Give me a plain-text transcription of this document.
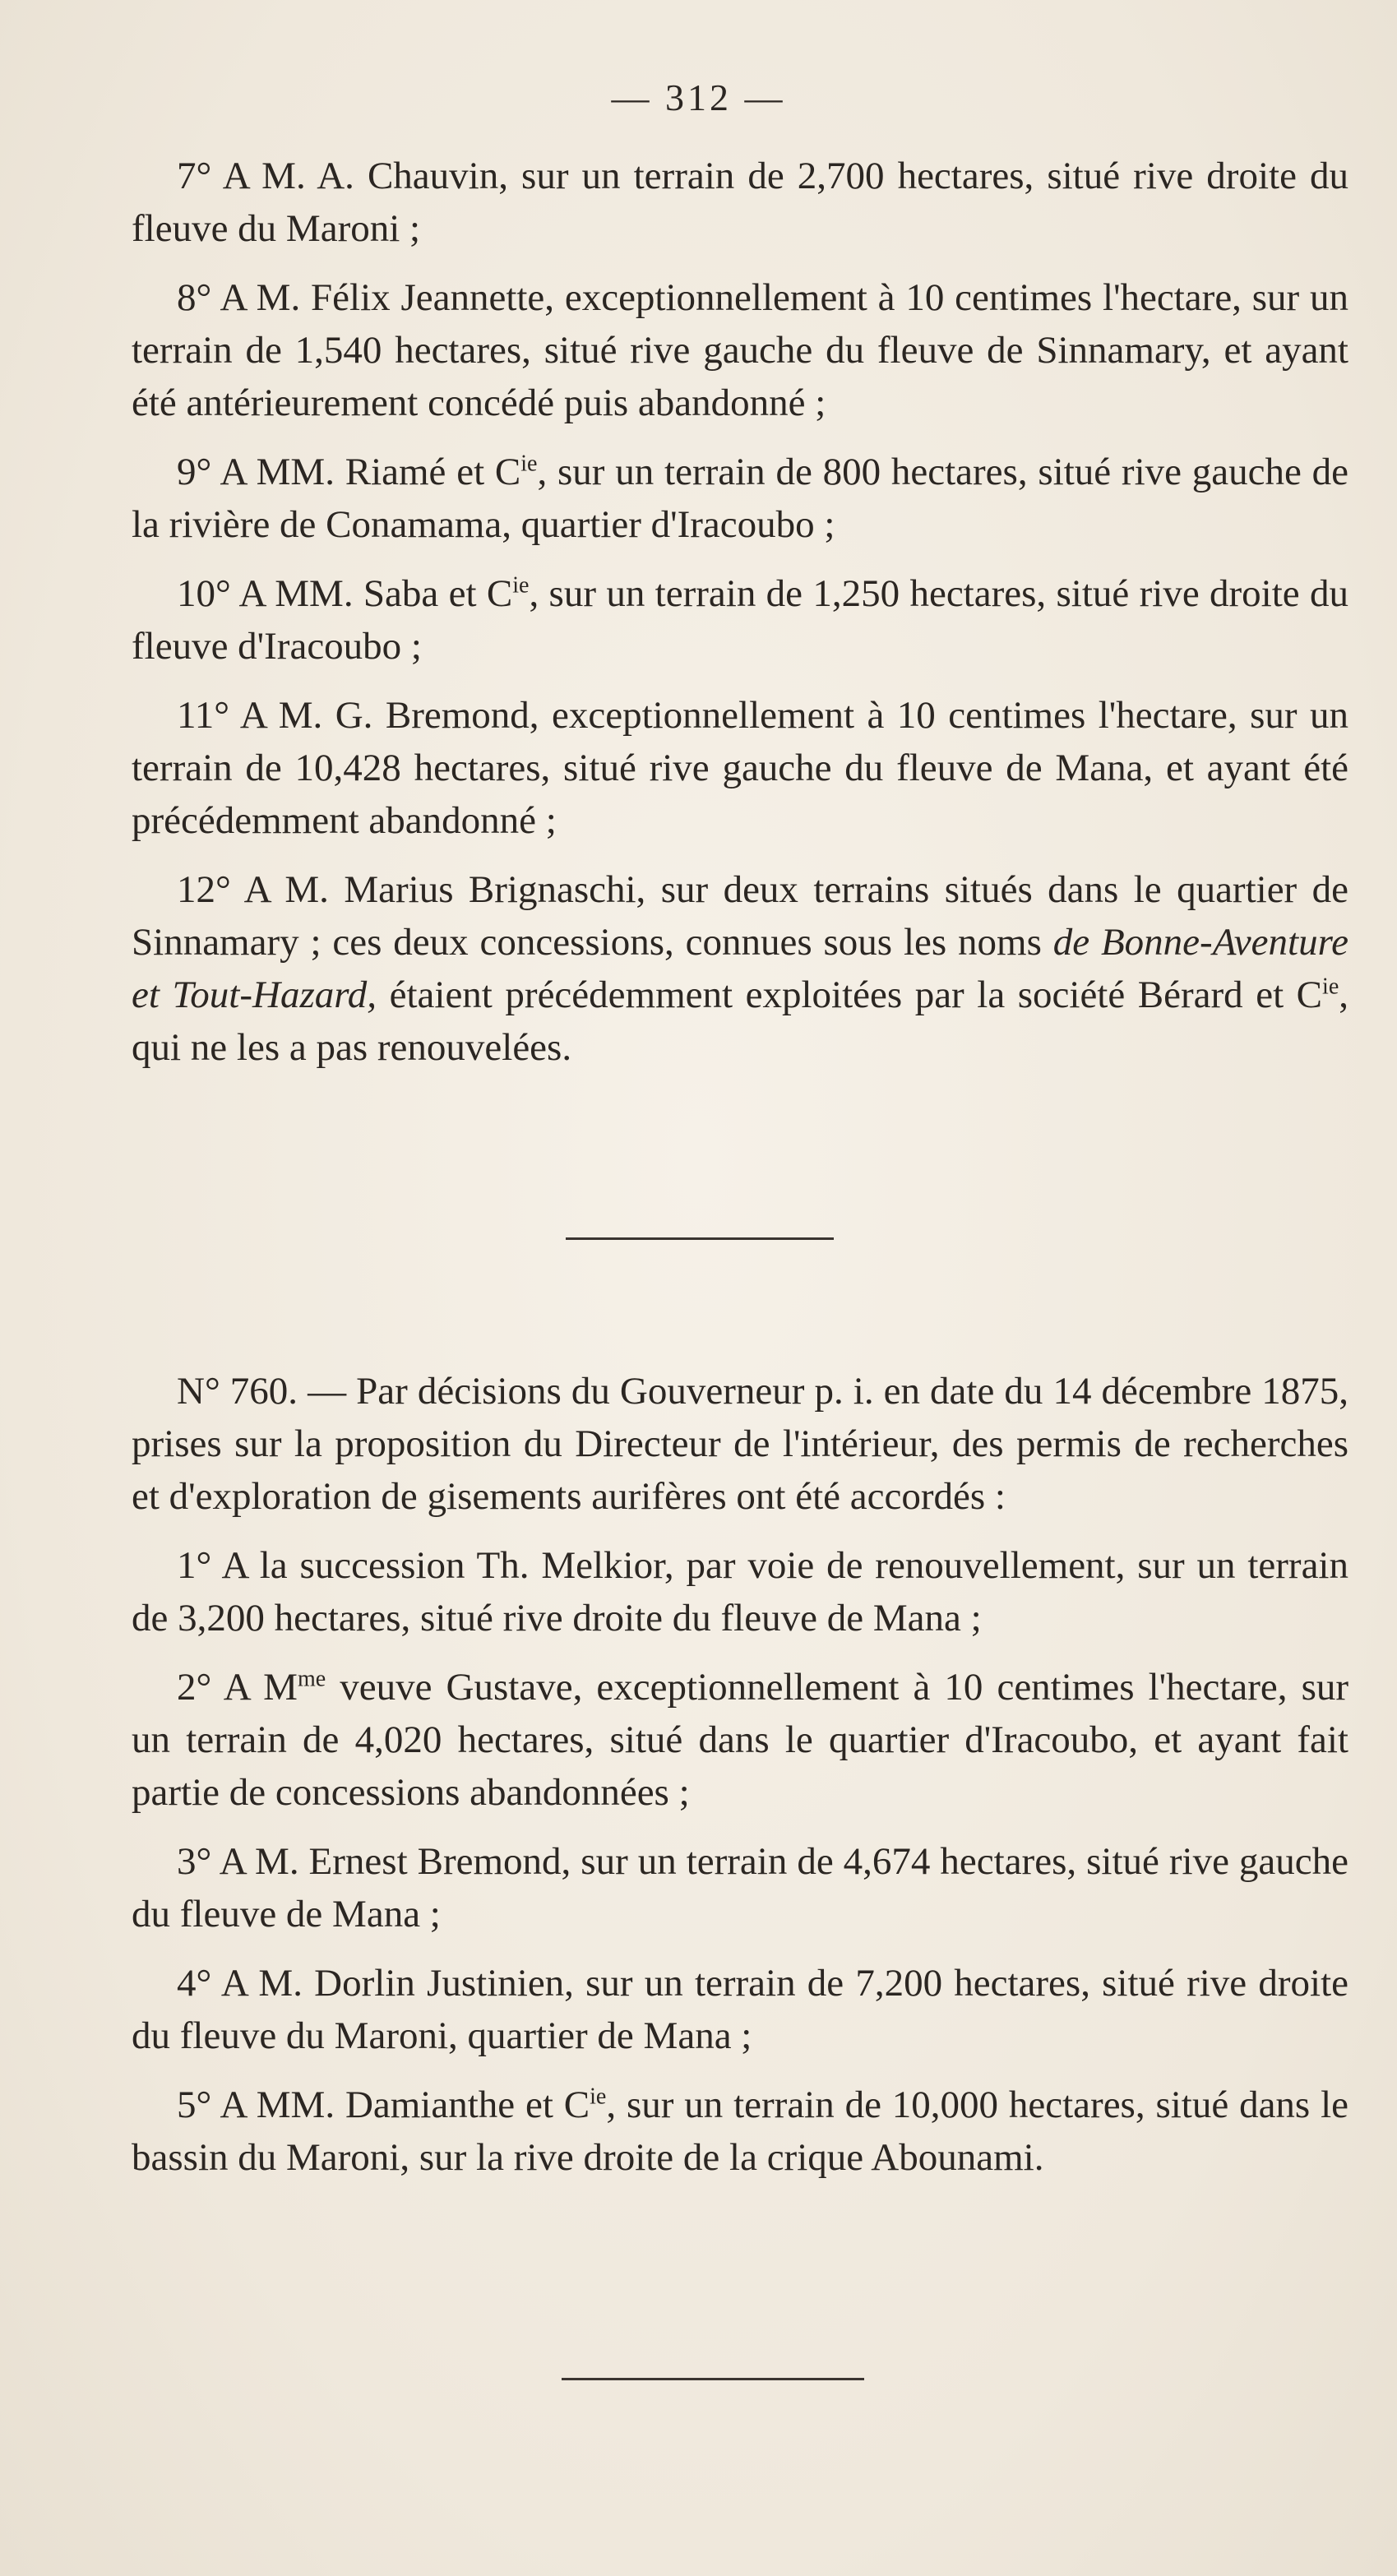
— 312 —

7° A M. A. Chauvin, sur un terrain de 2,700 hectares, situé rive droite du fleuve du Maroni ;

8° A M. Félix Jeannette, exceptionnellement à 10 centimes l'hectare, sur un terrain de 1,540 hectares, situé rive gauche du fleuve de Sinnamary, et ayant été antérieurement concédé puis abandonné ;

9° A MM. Riamé et $C^{ie}$, sur un terrain de 800 hectares, situé rive gauche de la rivière de Conamama, quartier d'Iracoubo ;

10° A MM. Saba et $C^{ie}$, sur un terrain de 1,250 hectares, situé rive droite du fleuve d'Iracoubo ;

11° A M. G. Bremond, exceptionnellement à 10 centimes l'hectare, sur un terrain de 10,428 hectares, situé rive gauche du fleuve de Mana, et ayant été précédemment abandonné ;

12° A M. Marius Brignaschi, sur deux terrains situés dans le quartier de Sinnamary ; ces deux concessions, connues sous les noms de Bonne-Aventure et Tout-Hazard, étaient précédemment exploitées par la société Bérard et $C^{ie}$, qui ne les a pas renouvelées.

N° 760. — Par décisions du Gouverneur p. i. en date du 14 décembre 1875, prises sur la proposition du Directeur de l'intérieur, des permis de recherches et d'exploration de gisements aurifères ont été accordés :

1° A la succession Th. Melkior, par voie de renouvellement, sur un terrain de 3,200 hectares, situé rive droite du fleuve de Mana ;

2° A $M^{me}$ veuve Gustave, exceptionnellement à 10 centimes l'hectare, sur un terrain de 4,020 hectares, situé dans le quartier d'Iracoubo, et ayant fait partie de concessions abandonnées ;

3° A M. Ernest Bremond, sur un terrain de 4,674 hectares, situé rive gauche du fleuve de Mana ;

4° A M. Dorlin Justinien, sur un terrain de 7,200 hectares, situé rive droite du fleuve du Maroni, quartier de Mana ;

5° A MM. Damianthe et $C^{ie}$, sur un terrain de 10,000 hectares, situé dans le bassin du Maroni, sur la rive droite de la crique Abounami.
